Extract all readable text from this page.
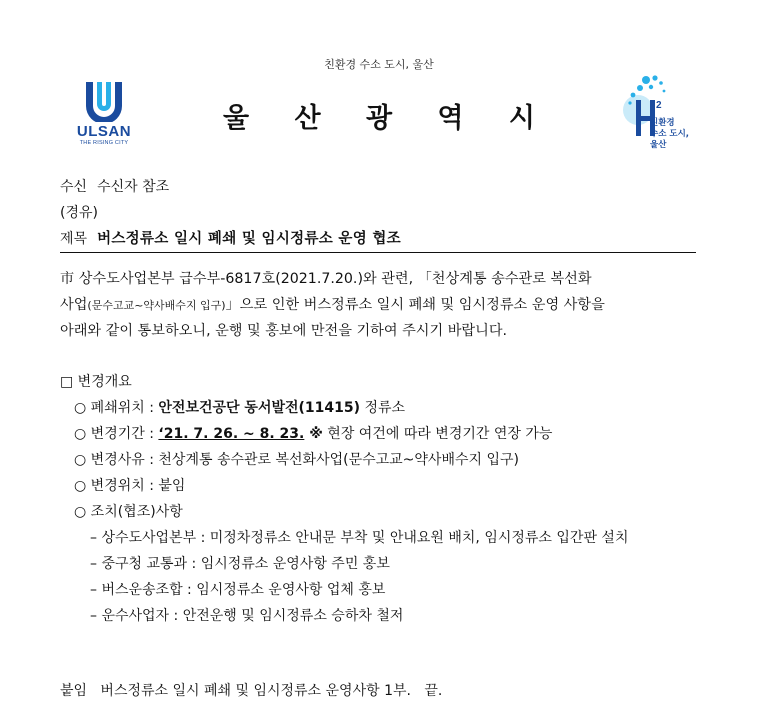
친환경 수소 도시, 울산
ULSAN
THE RISING CITY
울 산 광 역 시	2
친환경
수소 도시,
울산
수신 수신자 참조
(경유)
제목 버스정류소 일시 폐쇄 및 임시정류소 운영 협조
市 상수도사업본부 급수부-6817호(2021.7.20.)와 관련, 「천상계통 송수관로 복선화
사업(문수고교~약사배수지 입구)」으로 인한 버스정류소 일시 폐쇄 및 임시정류소 운영 사항을
아래와 같이 통보하오니, 운행 및 홍보에 만전을 기하여 주시기 바랍니다.
□ 변경개요
○ 폐쇄위치 : 안전보건공단 동서발전(11415) 정류소
○ 변경기간 : ‘21. 7. 26. ~ 8. 23. ※ 현장 여건에 따라 변경기간 연장 가능
○ 변경사유 : 천상계통 송수관로 복선화사업(문수고교~약사배수지 입구)
○ 변경위치 : 붙임
○ 조치(협조)사항
– 상수도사업본부 : 미정차정류소 안내문 부착 및 안내요원 배치, 임시정류소 입간판 설치
– 중구청 교통과 : 임시정류소 운영사항 주민 홍보
– 버스운송조합 : 임시정류소 운영사항 업체 홍보
– 운수사업자 : 안전운행 및 임시정류소 승하차 철저
붙임 버스정류소 일시 폐쇄 및 임시정류소 운영사항 1부. 끝.
